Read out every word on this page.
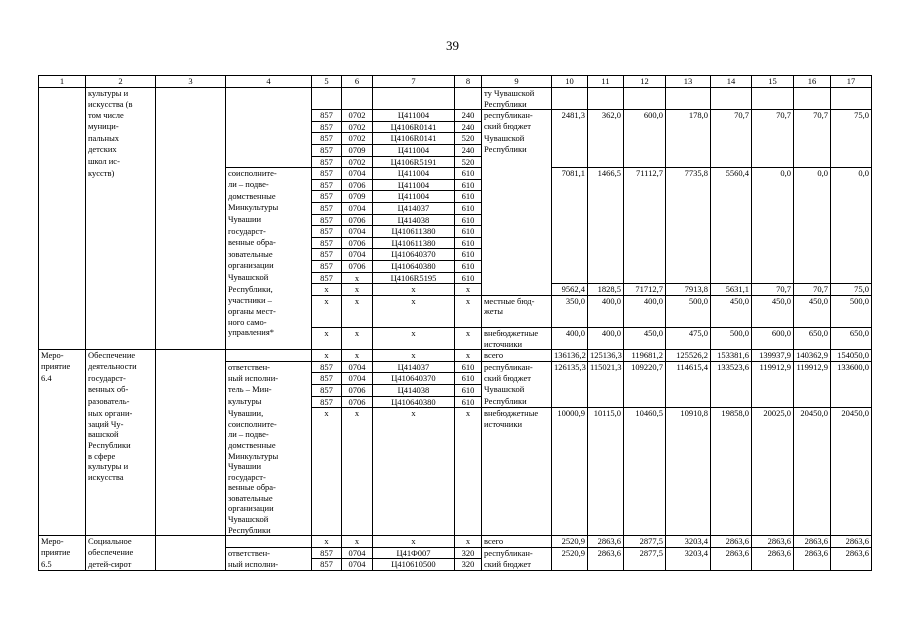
39
1	2	3	4	5	6	7	8	9	10	11	12	13	14	15	16	17
	культуры и							ту Чувашской								
	искусства (в							Республики								
	том числе			857	0702	Ц411004	240	республикан-	2481,3	362,0	600,0	178,0	70,7	70,7	70,7	75,0
	муници-			857	0702	Ц4106R0141	240	ский бюджет								
	пальных			857	0702	Ц4106R0141	520	Чувашской								
	детских			857	0709	Ц411004	240	Республики								
	школ ис-			857	0702	Ц4106R5191	520									
	кусств)		соисполните-	857	0704	Ц411004	610		7081,1	1466,5	71112,7	7735,8	5560,4	0,0	0,0	0,0
			ли – подве-	857	0706	Ц411004	610									
			домственные	857	0709	Ц411004	610									
			Минкультуры	857	0704	Ц414037	610									
			Чувашии	857	0706	Ц414038	610									
			государст-	857	0704	Ц410611380	610									
			венные обра-	857	0706	Ц410611380	610									
			зовательные	857	0704	Ц410640370	610									
			организации	857	0706	Ц410640380	610									
			Чувашской	857	x	Ц4106R5195	610									
			Республики,	x	x	x	x		9562,4	1828,5	71712,7	7913,8	5631,1	70,7	70,7	75,0
			участники –	x	x	x	x	местные бюд-	350,0	400,0	400,0	500,0	450,0	450,0	450,0	500,0
			органы мест-					жеты								
			ного само-													
			управления*	x	x	x	x	внебюджетные	400,0	400,0	450,0	475,0	500,0	600,0	650,0	650,0
								источники								
Меро-	Обеспечение			x	x	x	x	всего	136136,2	125136,3	119681,2	125526,2	153381,6	139937,9	140362,9	154050,0
приятие	деятельности		ответствен-	857	0704	Ц414037	610	республикан-	126135,3	115021,3	109220,7	114615,4	133523,6	119912,9	119912,9	133600,0
6.4	государст-		ный исполни-	857	0704	Ц410640370	610	ский бюджет								
	венных об-		тель – Мин-	857	0706	Ц414038	610	Чувашской								
	разователь-		культуры	857	0706	Ц410640380	610	Республики								
	ных органи-		Чувашии,	x	x	x	x	внебюджетные	10000,9	10115,0	10460,5	10910,8	19858,0	20025,0	20450,0	20450,0
	заций Чу-		соисполните-					источники								
	вашской		ли – подве-													
	Республики		домственные													
	в сфере		Минкультуры													
	культуры и		Чувашии													
	искусства		государст-													
			венные обра-													
			зовательные													
			организации													
			Чувашской													
			Республики													
Меро-	Социальное			x	x	x	x	всего	2520,9	2863,6	2877,5	3203,4	2863,6	2863,6	2863,6	2863,6
приятие	обеспечение		ответствен-	857	0704	Ц41Ф007	320	республикан-	2520,9	2863,6	2877,5	3203,4	2863,6	2863,6	2863,6	2863,6
6.5	детей-сирот		ный исполни-	857	0704	Ц410610500	320	ский бюджет								
